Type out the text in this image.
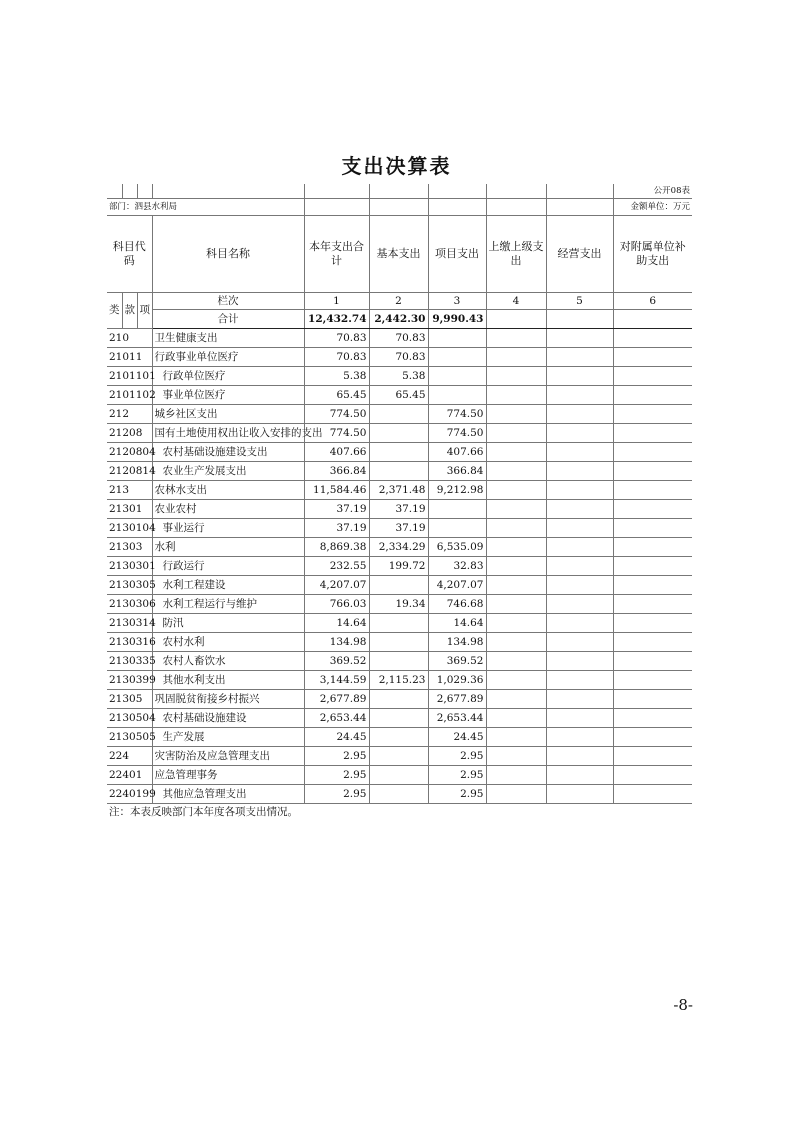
支出决算表
									公开08表
部门：泗县水利局									金额单位：万元
科目代码			科目名称	本年支出合计	基本支出	项目支出	上缴上级支出	经营支出	对附属单位补助支出
类	款	项	栏次	1	2	3	4	5	6
			合计	12,432.74	2,442.30	9,990.43			
210			卫生健康支出	70.83	70.83				
21011			行政事业单位医疗	70.83	70.83				
2101101			行政单位医疗	5.38	5.38				
2101102			事业单位医疗	65.45	65.45				
212			城乡社区支出	774.50		774.50			
21208			国有土地使用权出让收入安排的支出	774.50		774.50			
2120804			农村基础设施建设支出	407.66		407.66			
2120814			农业生产发展支出	366.84		366.84			
213			农林水支出	11,584.46	2,371.48	9,212.98			
21301			农业农村	37.19	37.19				
2130104			事业运行	37.19	37.19				
21303			水利	8,869.38	2,334.29	6,535.09			
2130301			行政运行	232.55	199.72	32.83			
2130305			水利工程建设	4,207.07		4,207.07			
2130306			水利工程运行与维护	766.03	19.34	746.68			
2130314			防汛	14.64		14.64			
2130316			农村水利	134.98		134.98			
2130335			农村人畜饮水	369.52		369.52			
2130399			其他水利支出	3,144.59	2,115.23	1,029.36			
21305			巩固脱贫衔接乡村振兴	2,677.89		2,677.89			
2130504			农村基础设施建设	2,653.44		2,653.44			
2130505			生产发展	24.45		24.45			
224			灾害防治及应急管理支出	2.95		2.95			
22401			应急管理事务	2.95		2.95			
2240199			其他应急管理支出	2.95		2.95			
注：本表反映部门本年度各项支出情况。									
-8-
